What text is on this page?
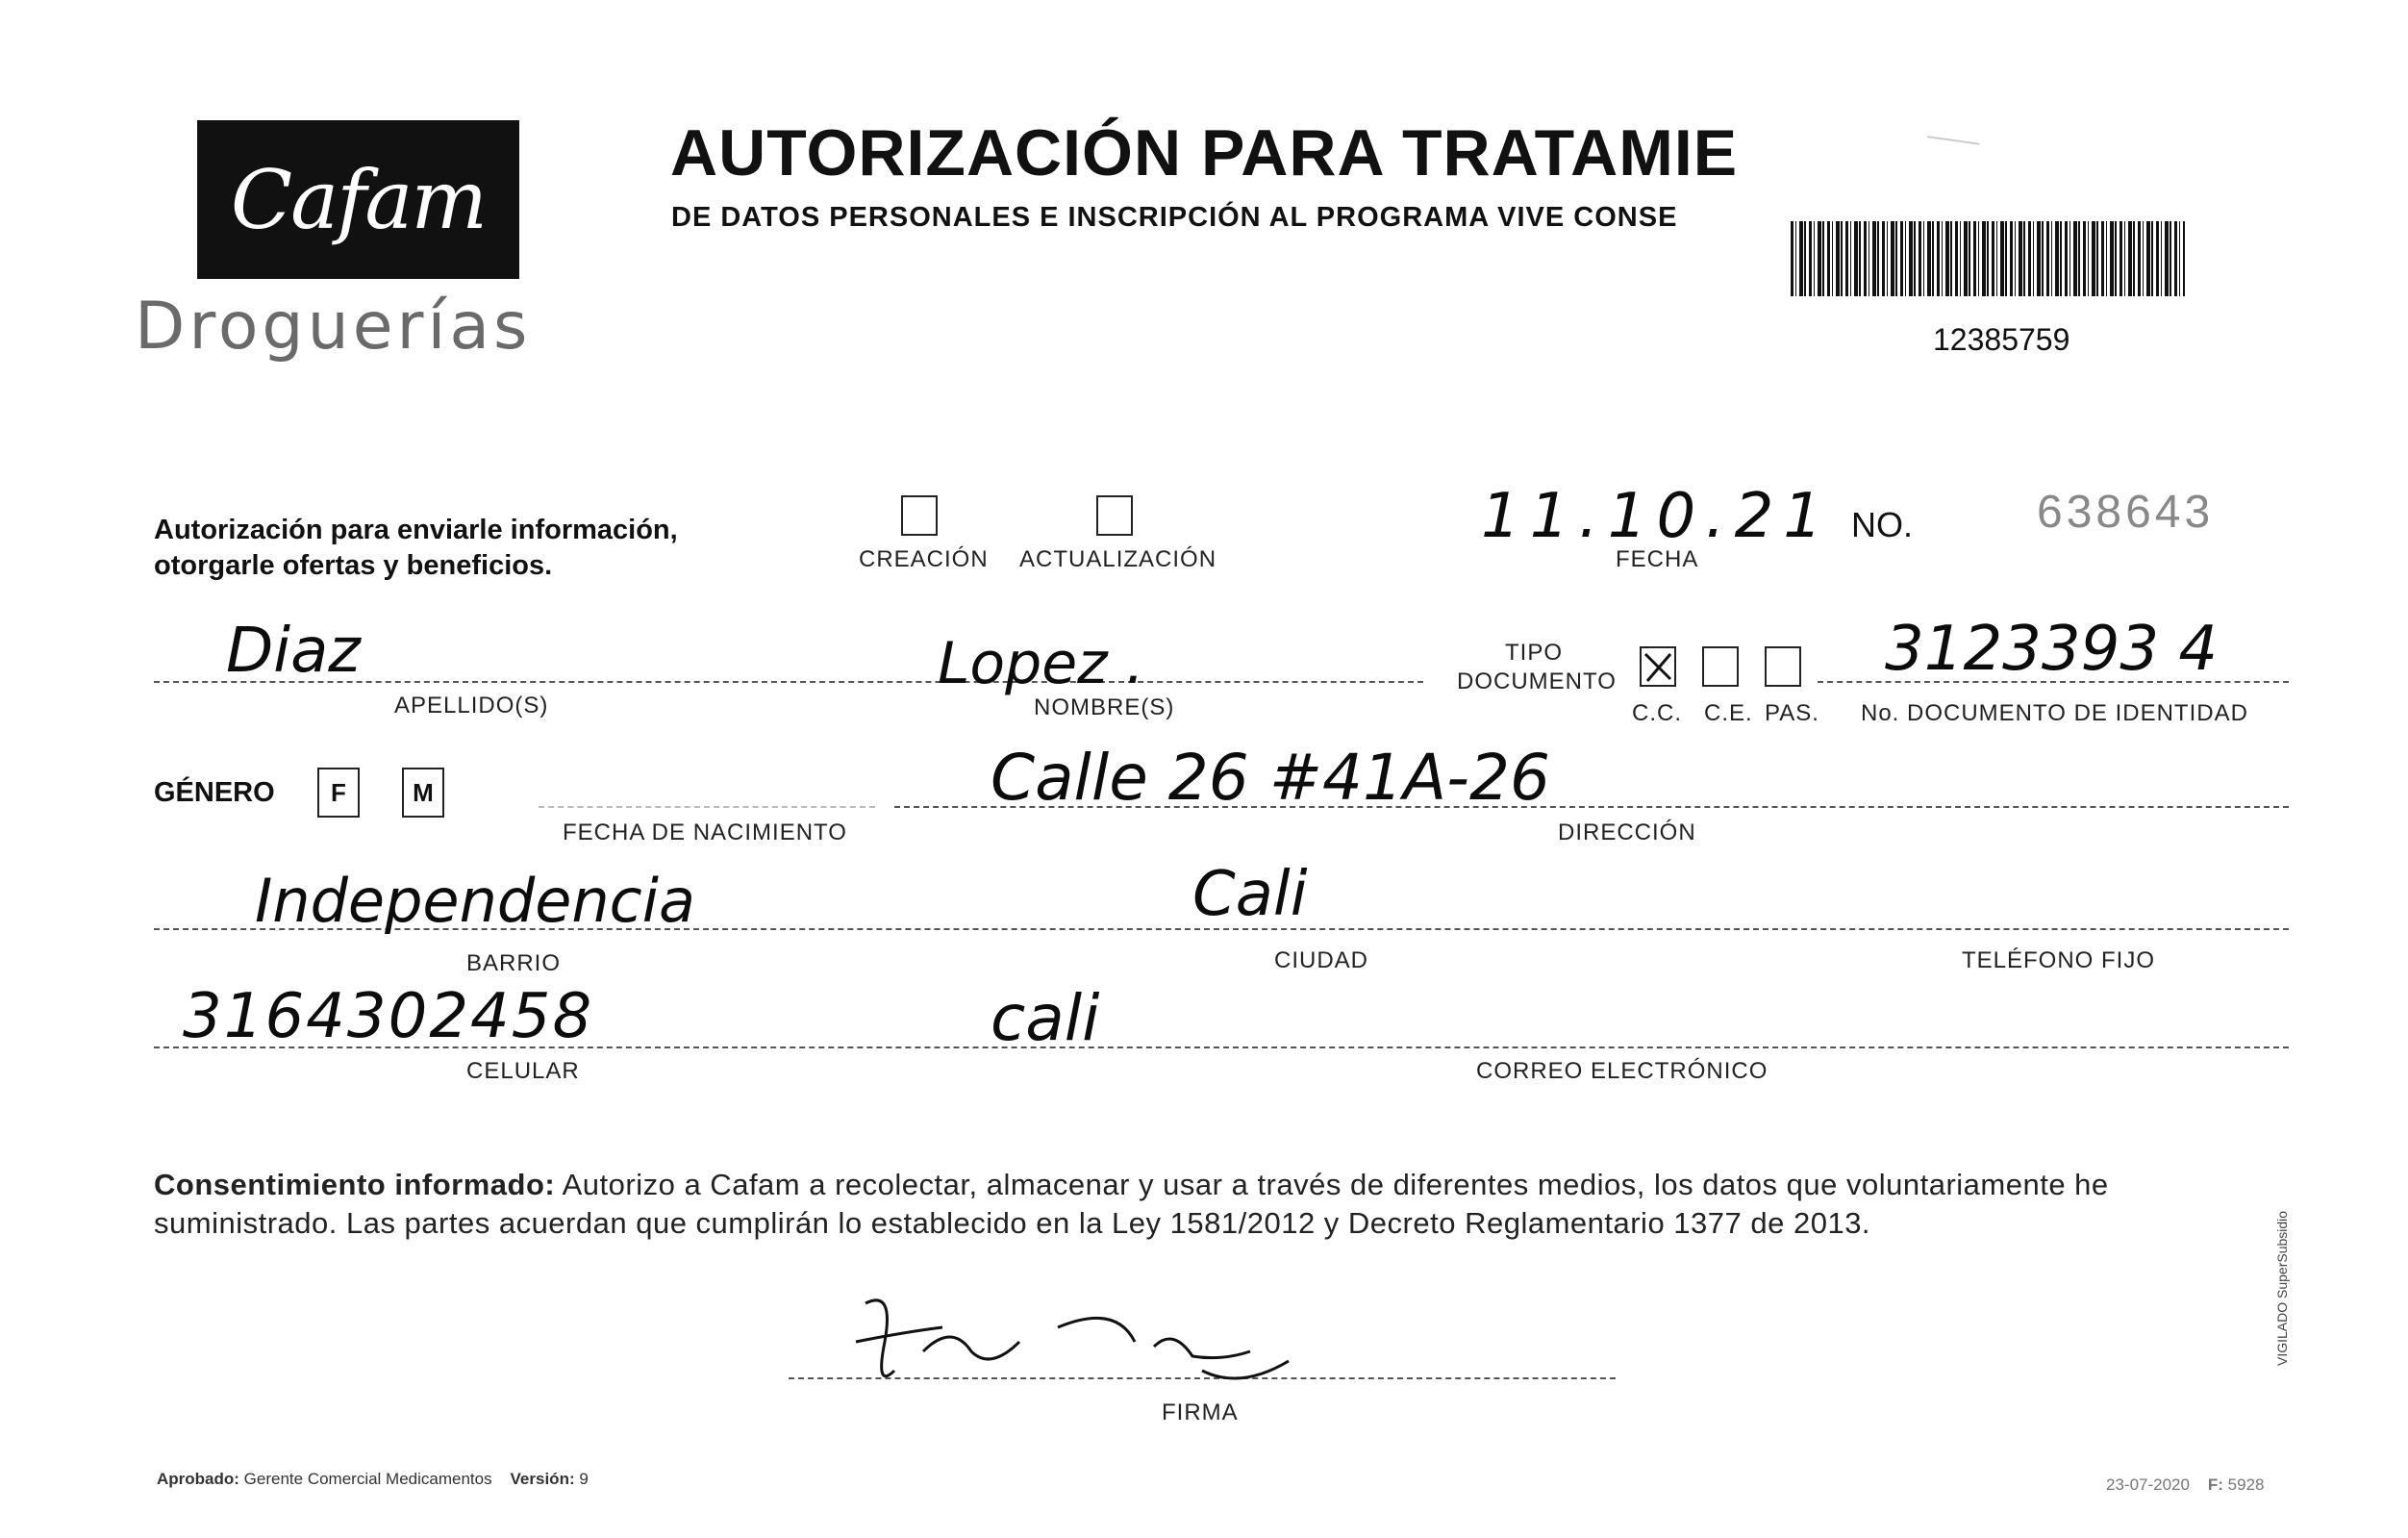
Cafam
Droguerías
AUTORIZACIÓN PARA TRATAMIE
DE DATOS PERSONALES E INSCRIPCIÓN AL PROGRAMA VIVE CONSE
12385759
Autorización para enviarle información,
otorgarle ofertas y beneficios.	CREACIÓN ACTUALIZACIÓN
11.10.21
FECHA
NO.	638643
Diaz
APELLIDO(S)
Lopez .
NOMBRE(S)
TIPO
DOCUMENTO
C.C. C.E. PAS.
3123393 4
No. DOCUMENTO DE IDENTIDAD
GÉNERO	F	M
FECHA DE NACIMIENTO
Calle 26 #41A-26
DIRECCIÓN
Independencia
BARRIO
Cali
CIUDAD	TELÉFONO FIJO
3164302458
CELULAR
cali
CORREO ELECTRÓNICO
Consentimiento informado: Autorizo a Cafam a recolectar, almacenar y usar a través de diferentes medios, los datos que voluntariamente he suministrado. Las partes acuerdan que cumplirán lo establecido en la Ley 1581/2012 y Decreto Reglamentario 1377 de 2013.
FIRMA
Aprobado: Gerente Comercial Medicamentos Versión: 9	23-07-2020 F: 5928
VIGILADO SuperSubsidio
